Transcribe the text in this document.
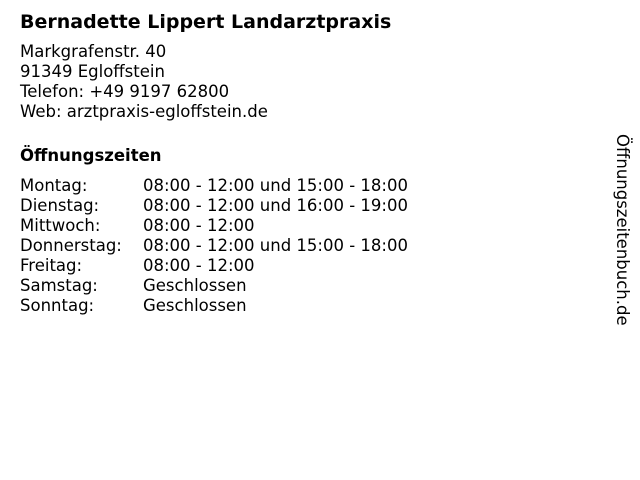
Bernadette Lippert Landarztpraxis
Markgrafenstr. 40
91349 Egloffstein
Telefon: +49 9197 62800
Web: arztpraxis-egloffstein.de
Öffnungszeiten
Montag:	08:00 - 12:00 und 15:00 - 18:00
Dienstag:	08:00 - 12:00 und 16:00 - 19:00
Mittwoch:	08:00 - 12:00
Donnerstag:	08:00 - 12:00 und 15:00 - 18:00
Freitag:	08:00 - 12:00
Samstag:	Geschlossen
Sonntag:	Geschlossen	Öffnungszeitenbuch.de
